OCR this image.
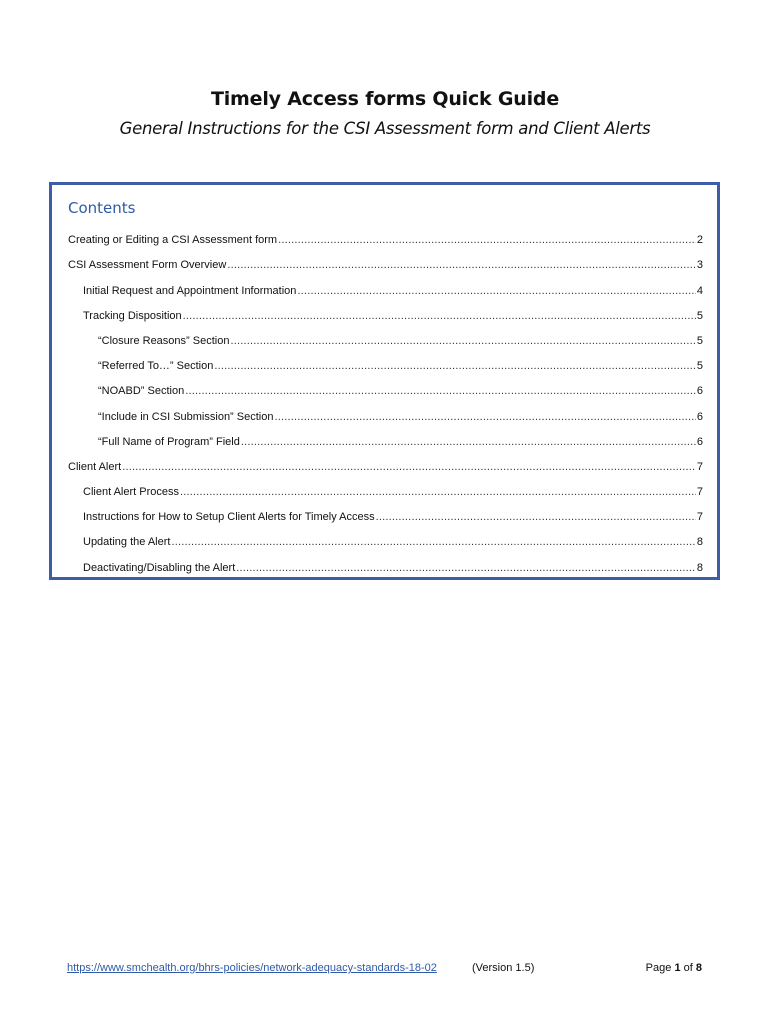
Timely Access forms Quick Guide
General Instructions for the CSI Assessment form and Client Alerts
Contents
Creating or Editing a CSI Assessment form .....	2
CSI Assessment Form Overview .....	3
Initial Request and Appointment Information .....	4
Tracking Disposition .....	5
“Closure Reasons” Section .....	5
“Referred To…” Section .....	5
“NOABD” Section .....	6
“Include in CSI Submission” Section .....	6
“Full Name of Program” Field .....	6
Client Alert .....	7
Client Alert Process .....	7
Instructions for How to Setup Client Alerts for Timely Access .....	7
Updating the Alert .....	8
Deactivating/Disabling the Alert .....	8
https://www.smchealth.org/bhrs-policies/network-adequacy-standards-18-02	(Version 1.5)	Page 1 of 8
